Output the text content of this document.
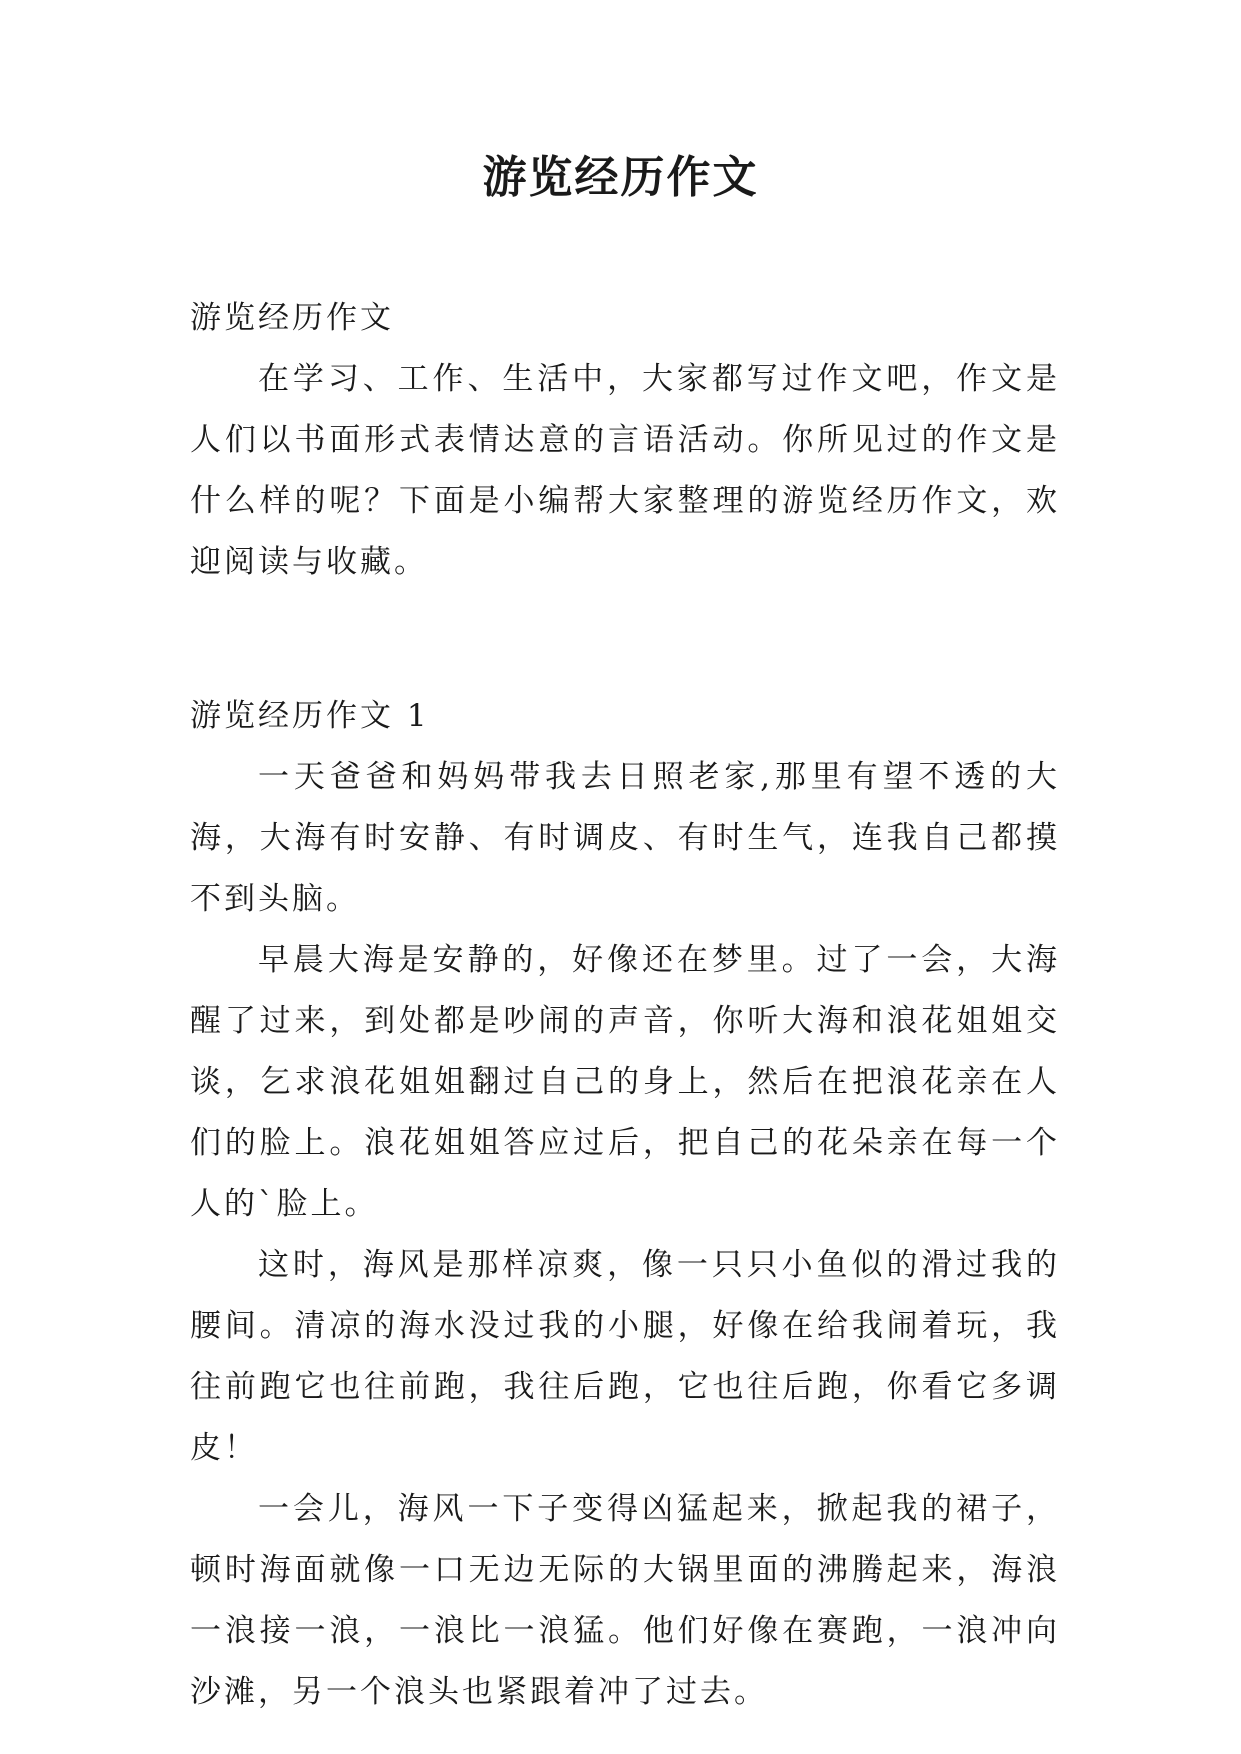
游览经历作文

游览经历作文

在学习、工作、生活中，大家都写过作文吧，作文是人们以书面形式表情达意的言语活动。你所见过的作文是什么样的呢？下面是小编帮大家整理的游览经历作文，欢迎阅读与收藏。

游览经历作文 1

一天爸爸和妈妈带我去日照老家,那里有望不透的大海，大海有时安静、有时调皮、有时生气，连我自己都摸不到头脑。

早晨大海是安静的，好像还在梦里。过了一会，大海醒了过来，到处都是吵闹的声音，你听大海和浪花姐姐交谈，乞求浪花姐姐翻过自己的身上，然后在把浪花亲在人们的脸上。浪花姐姐答应过后，把自己的花朵亲在每一个人的`脸上。

这时，海风是那样凉爽，像一只只小鱼似的滑过我的腰间。清凉的海水没过我的小腿，好像在给我闹着玩，我往前跑它也往前跑，我往后跑，它也往后跑，你看它多调皮！

一会儿，海风一下子变得凶猛起来，掀起我的裙子，顿时海面就像一口无边无际的大锅里面的沸腾起来，海浪一浪接一浪，一浪比一浪猛。他们好像在赛跑，一浪冲向沙滩，另一个浪头也紧跟着冲了过去。
